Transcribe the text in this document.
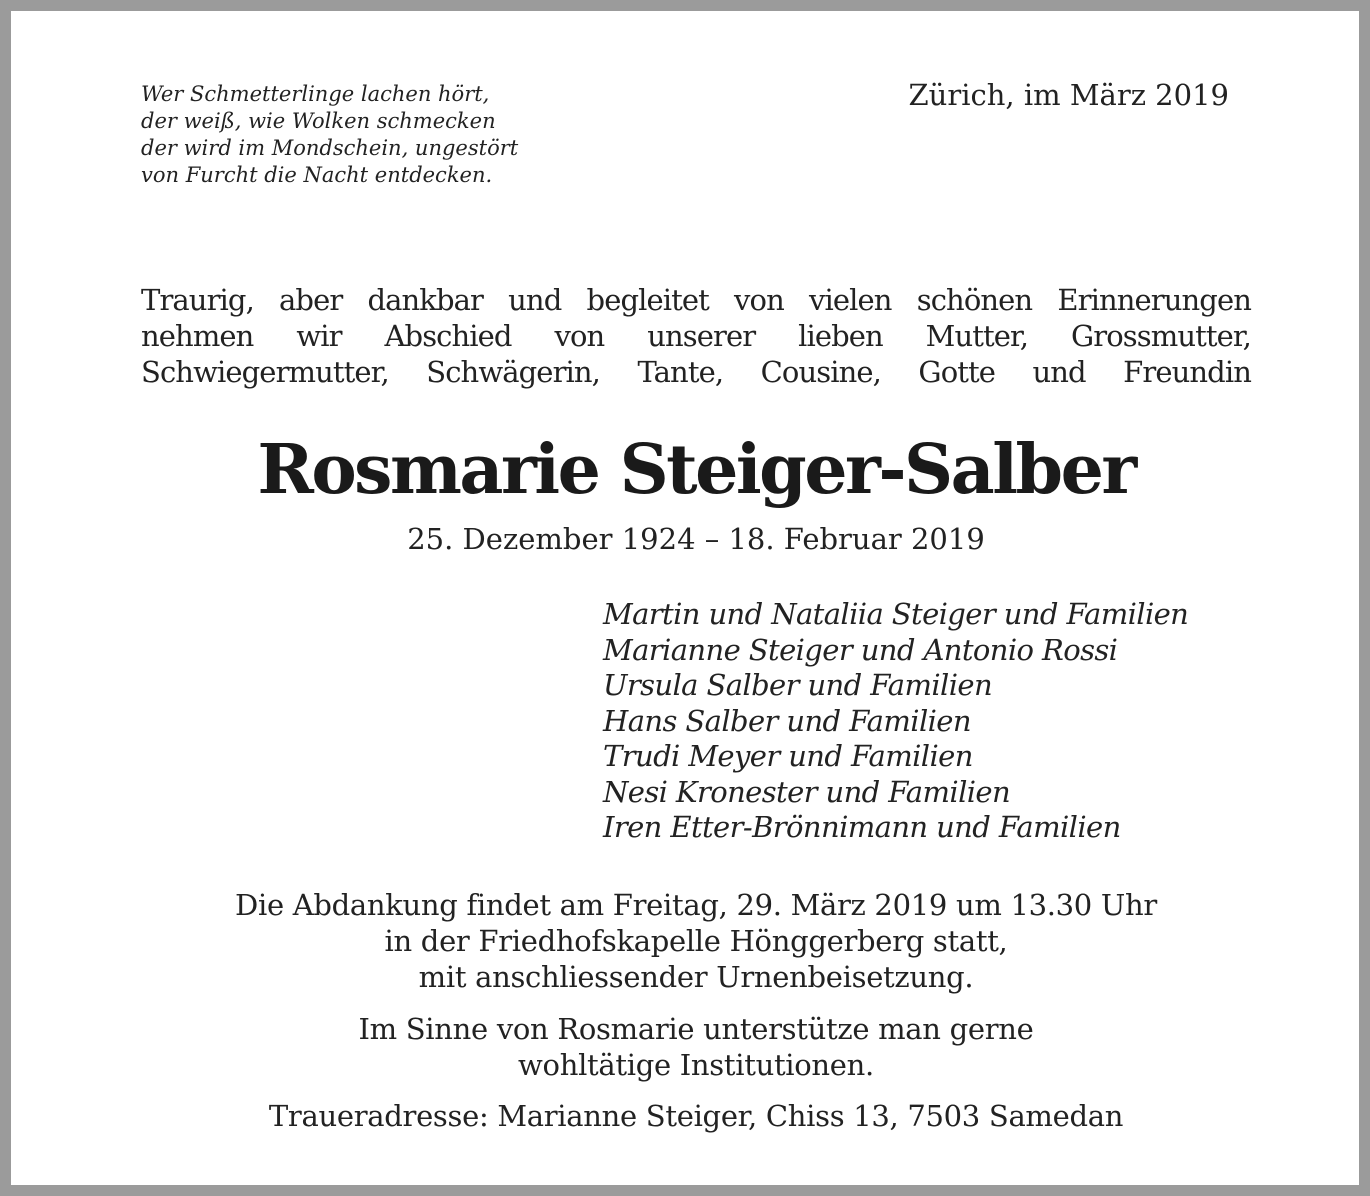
Wer Schmetterlinge lachen hört,
der weiß, wie Wolken schmecken
der wird im Mondschein, ungestört
von Furcht die Nacht entdecken.
Zürich, im März 2019
Traurig, aber dankbar und begleitet von vielen schönen Erinnerungen
nehmen wir Abschied von unserer lieben Mutter, Grossmutter,
Schwiegermutter, Schwägerin, Tante, Cousine, Gotte und Freundin
Rosmarie Steiger-Salber
25. Dezember 1924 – 18. Februar 2019
Martin und Nataliia Steiger und Familien
Marianne Steiger und Antonio Rossi
Ursula Salber und Familien
Hans Salber und Familien
Trudi Meyer und Familien
Nesi Kronester und Familien
Iren Etter-Brönnimann und Familien
Die Abdankung findet am Freitag, 29. März 2019 um 13.30 Uhr
in der Friedhofskapelle Hönggerberg statt,
mit anschliessender Urnenbeisetzung.
Im Sinne von Rosmarie unterstütze man gerne
wohltätige Institutionen.
Traueradresse: Marianne Steiger, Chiss 13, 7503 Samedan
